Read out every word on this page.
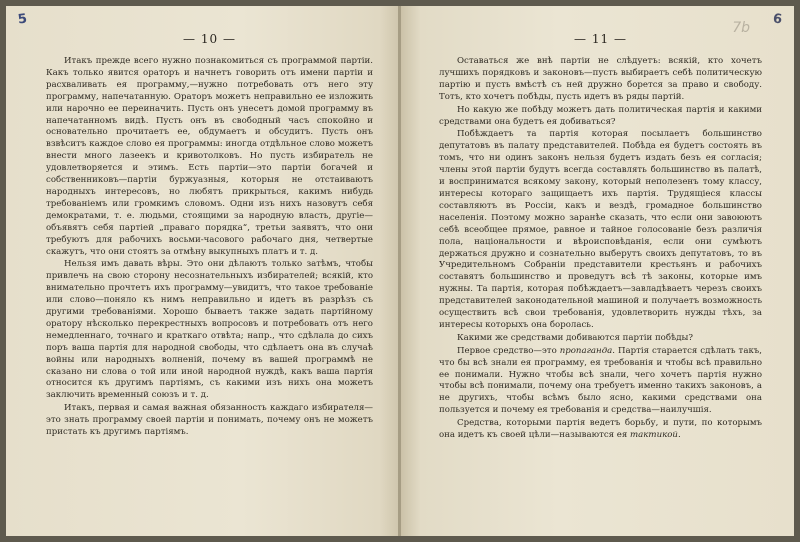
5
— 10 —

Итакъ прежде всего нужно познакомиться съ программой партіи. Какъ только явится ораторъ и начнетъ говорить отъ имени партіи и расхваливать ея программу,—нужно потребовать отъ него эту программу, напечатанную. Ораторъ можетъ неправильно ее изложить или нарочно ее переиначить. Пусть онъ унесетъ домой программу въ напечатанномъ видѣ. Пусть онъ въ свободный часъ спокойно и основательно прочитаетъ ее, обдумаетъ и обсудитъ. Пусть онъ взвѣситъ каждое слово ея программы: иногда отдѣльное слово можетъ внести много лазеекъ и кривотолковъ. Но пусть избиратель не удовлетворяется и этимъ. Есть партіи—это партіи богачей и собственниковъ—партіи буржуазныя, которыя не отстаиваютъ народныхъ интересовъ, но любятъ прикрыться, какимъ нибудь требованіемъ или громкимъ словомъ. Одни изъ нихъ назовутъ себя демократами, т. е. людьми, стоящими за народную власть, другіе—объявятъ себя партіей „праваго порядка“, третьи заявятъ, что они требуютъ для рабочихъ восьми-часового рабочаго дня, четвертые скажутъ, что они стоятъ за отмѣну выкупныхъ платъ и т. д.

Нельзя имъ давать вѣры. Это они дѣлаютъ только затѣмъ, чтобы привлечь на свою сторону несознательныхъ избирателей; всякій, кто внимательно прочтетъ ихъ программу—увидитъ, что такое требованіе или слово—поняло къ нимъ неправильно и идетъ въ разрѣзъ съ другими требованіями. Хорошо бываетъ также задать партійному оратору нѣсколько перекрестныхъ вопросовъ и потребовать отъ него немедленнаго, точнаго и краткаго отвѣта; напр., что сдѣлала до сихъ поръ ваша партія для народной свободы, что сдѣлаетъ она въ случаѣ войны или народныхъ волненій, почему въ вашей программѣ не сказано ни слова о той или иной народной нуждѣ, какъ ваша партія относится къ другимъ партіямъ, съ какими изъ нихъ она можетъ заключить временный союзъ и т. д.

Итакъ, первая и самая важная обязанность каждаго избирателя—это знать программу своей партіи и понимать, почему онъ не можетъ пристать къ другимъ партіямъ.

7b
6
— 11 —

Оставаться же внѣ партіи не слѣдуетъ: всякій, кто хочетъ лучшихъ порядковъ и законовъ—пусть выбираетъ себѣ политическую партію и пусть вмѣстѣ съ ней дружно борется за право и свободу. Тотъ, кто хочетъ побѣды, пусть идетъ въ ряды партій.

Но какую же побѣду можетъ дать политическая партія и какими средствами она будетъ ея добиваться?

Побѣждаетъ та партія которая посылаетъ большинство депутатовъ въ палату представителей. Побѣда ея будетъ состоять въ томъ, что ни одинъ законъ нельзя будетъ издать безъ ея согласія; члены этой партіи будутъ всегда составлять большинство въ палатѣ, и восприниматся всякому закону, который неполезенъ тому классу, интересы котораго защищаетъ ихъ партія. Трудящіеся классы составляютъ въ Россіи, какъ и вездѣ, громадное большинство населенія. Поэтому можно заранѣе сказать, что если они завоюютъ себѣ всеобщее прямое, равное и тайное голосованіе безъ различія пола, національности и вѣроисповѣданія, если они сумѣютъ держаться дружно и сознательно выберутъ своихъ депутатовъ, то въ Учредительномъ Собраніи представители крестьянъ и рабочихъ составятъ большинство и проведутъ всѣ тѣ законы, которые имъ нужны. Та партія, которая побѣждаетъ—завладѣваетъ черезъ своихъ представителей законодательной машиной и получаетъ возможность осуществить всѣ свои требованія, удовлетворить нужды тѣхъ, за интересы которыхъ она боролась.

Какими же средствами добиваются партіи побѣды?

Первое средство—это пропаганда. Партія старается сдѣлать такъ, что бы всѣ знали ея программу, ея требованія и чтобы всѣ правильно ее понимали. Нужно чтобы всѣ знали, чего хочетъ партія нужно чтобы всѣ понимали, почему она требуетъ именно такихъ законовъ, а не другихъ, чтобы всѣмъ было ясно, какими средствами она пользуется и почему ея требованія и средства—наилучшія.

Средства, которыми партія ведетъ борьбу, и пути, по которымъ она идетъ къ своей цѣли—называются ея тактикой.
